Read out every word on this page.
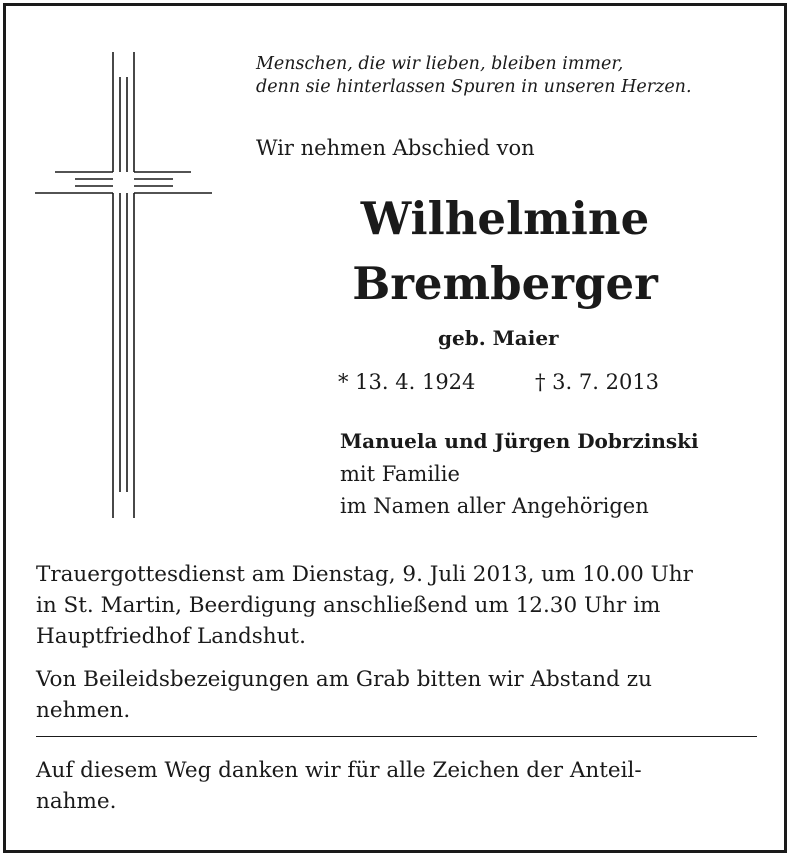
Menschen, die wir lieben, bleiben immer,
denn sie hinterlassen Spuren in unseren Herzen.
Wir nehmen Abschied von
Wilhelmine
Bremberger
geb. Maier
* 13. 4. 1924	† 3. 7. 2013
Manuela und Jürgen Dobrzinski
mit Familie
im Namen aller Angehörigen
Trauergottesdienst am Dienstag, 9. Juli 2013, um 10.00 Uhr
in St. Martin, Beerdigung anschließend um 12.30 Uhr im
Hauptfriedhof Landshut.
Von Beileidsbezeigungen am Grab bitten wir Abstand zu
nehmen.
Auf diesem Weg danken wir für alle Zeichen der Anteil-
nahme.
